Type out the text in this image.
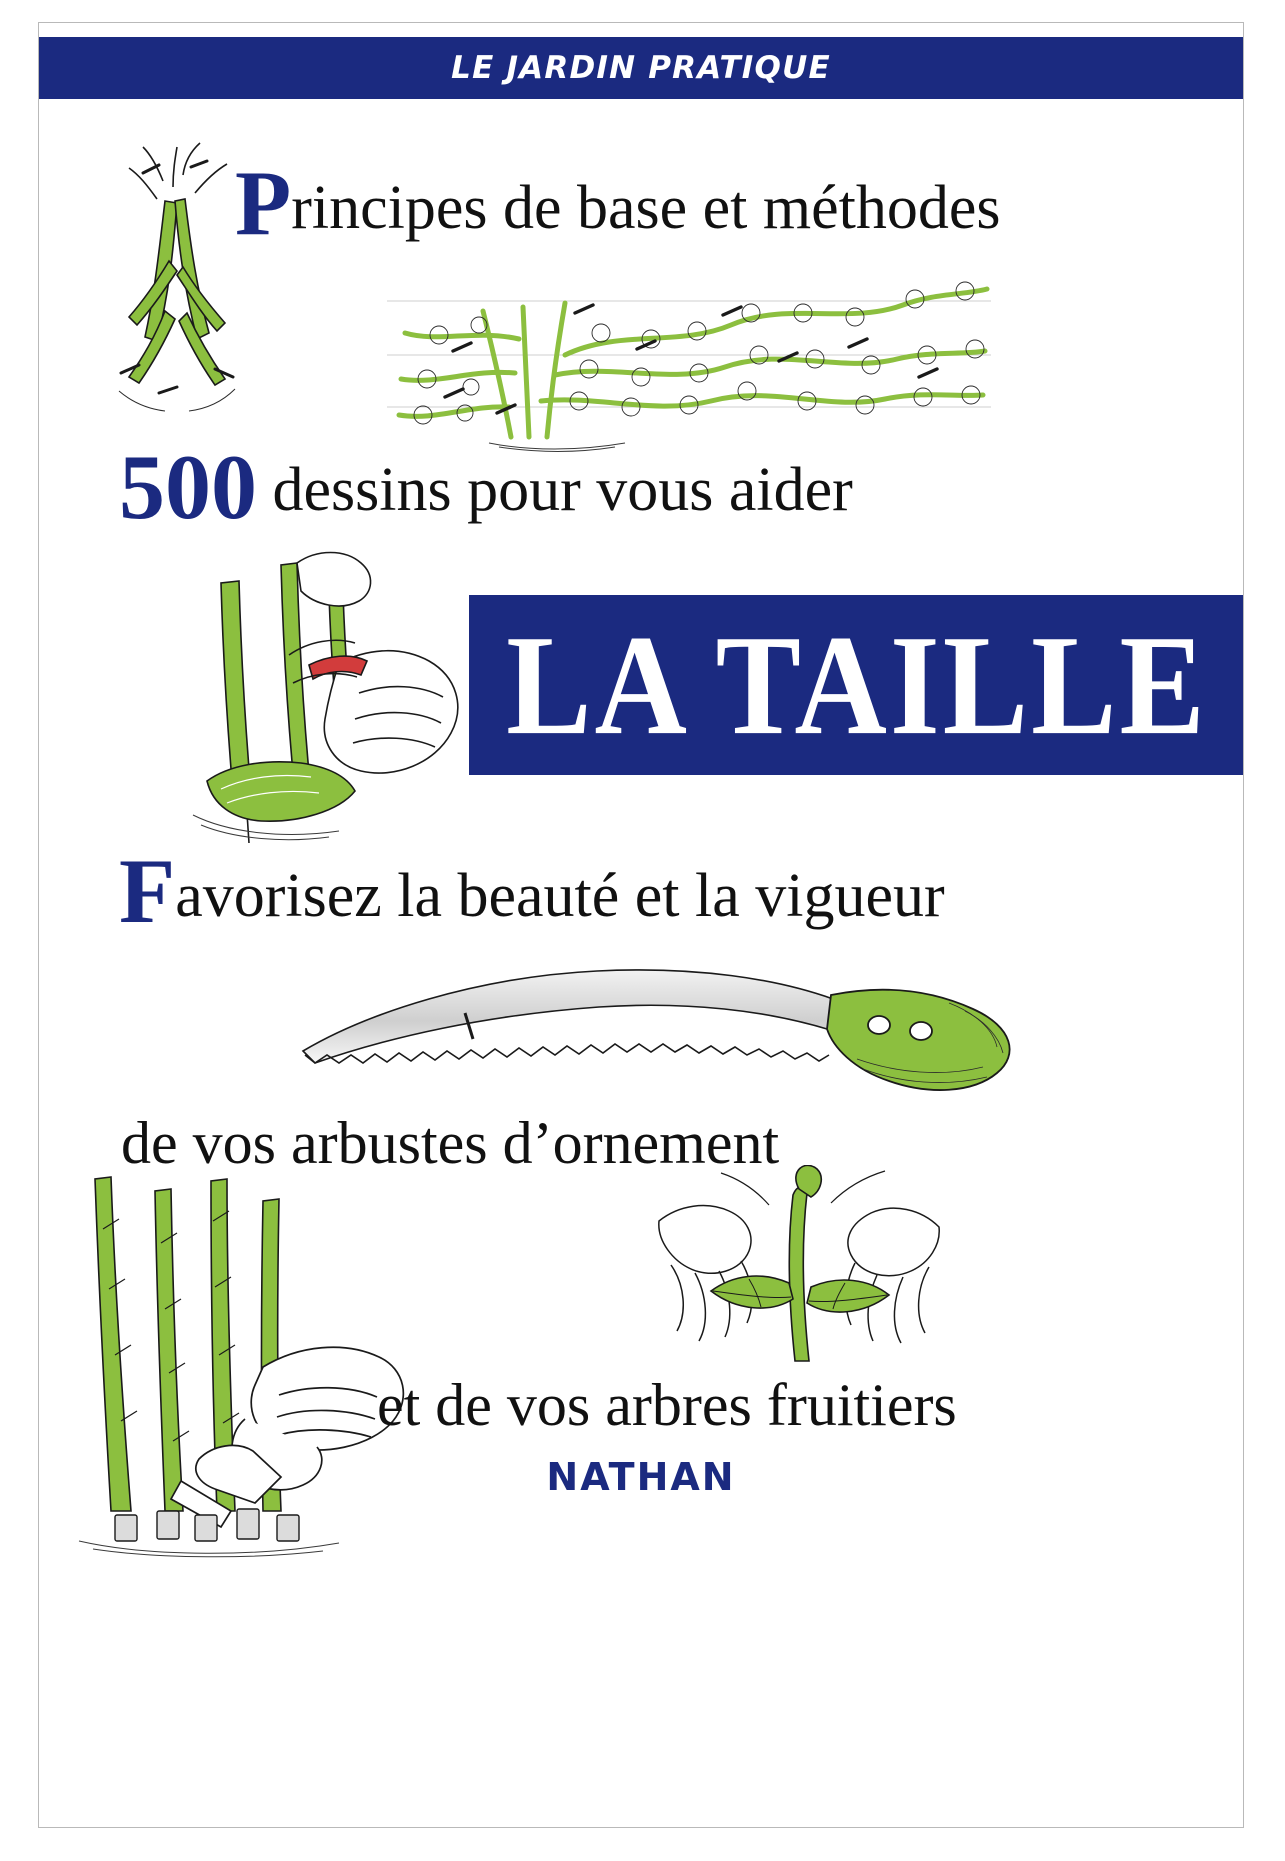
LE JARDIN PRATIQUE
Principes de base et méthodes
500 dessins pour vous aider
LA TAILLE
Favorisez la beauté et la vigueur
de vos arbustes d’ornement
et de vos arbres fruitiers
NATHAN
